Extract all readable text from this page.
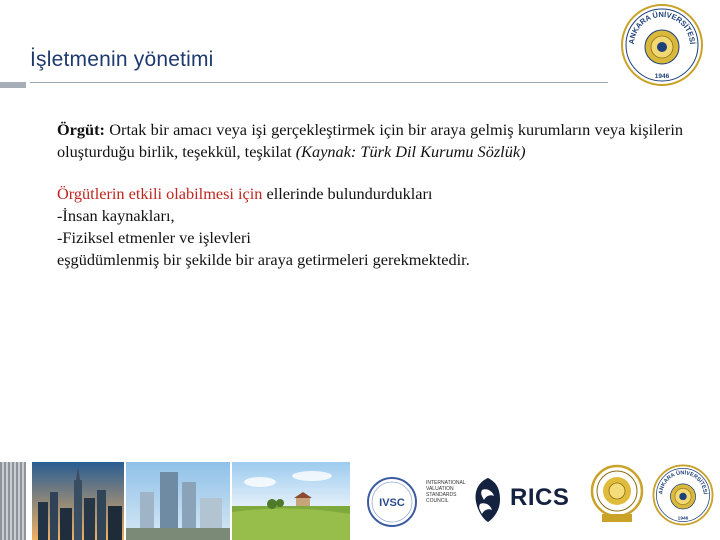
İşletmenin yönetimi
ANKARA ÜNİVERSİTESİ
1946

Örgüt: Ortak bir amacı veya işi gerçekleştirmek için bir araya gelmiş kurumların veya kişilerin oluşturduğu birlik, teşekkül, teşkilat (Kaynak: Türk Dil Kurumu Sözlük)

Örgütlerin etkili olabilmesi için ellerinde bulundurdukları
-İnsan kaynakları,
-Fiziksel etmenler ve işlevleri
eşgüdümlenmiş bir şekilde bir araya getirmeleri gerekmektedir.
IVSC
INTERNATIONAL
VALUATION
STANDARDS
COUNCIL	RICS	ANKARA ÜNİVERSİTESİ
1946
